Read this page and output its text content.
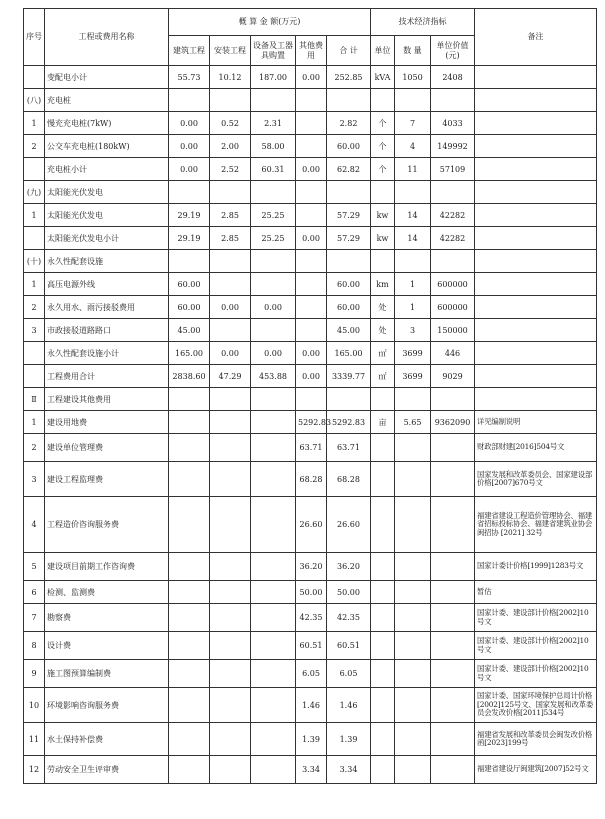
序号	工程或费用名称	概 算 金 额(万元)					技术经济指标			备注
		建筑工程	安装工程	设备及工器具购置	其他费用	合 计	单位	数 量	单位价值(元)	
	变配电小计	55.73	10.12	187.00	0.00	252.85	kVA	1050	2408	
(八)	充电桩									
1	慢充充电桩(7kW)	0.00	0.52	2.31		2.82	个	7	4033	
2	公交车充电桩(180kW)	0.00	2.00	58.00		60.00	个	4	149992	
	充电桩小计	0.00	2.52	60.31	0.00	62.82	个	11	57109	
(九)	太阳能光伏发电									
1	太阳能光伏发电	29.19	2.85	25.25		57.29	kw	14	42282	
	太阳能光伏发电小计	29.19	2.85	25.25	0.00	57.29	kw	14	42282	
(十)	永久性配套设施									
1	高压电源外线	60.00				60.00	km	1	600000	
2	永久用水、雨污接驳费用	60.00	0.00	0.00		60.00	处	1	600000	
3	市政接驳道路路口	45.00				45.00	处	3	150000	
	永久性配套设施小计	165.00	0.00	0.00	0.00	165.00	㎡	3699	446	
	工程费用合计	2838.60	47.29	453.88	0.00	3339.77	㎡	3699	9029	
Ⅱ	工程建设其他费用									
1	建设用地费				5292.83	5292.83	亩	5.65	9362090	详见编制说明
2	建设单位管理费				63.71	63.71				财政部财建[2016]504号文
3	建设工程监理费				68.28	68.28				国家发展和改革委员会、国家建设部价格[2007]670号文
4	工程造价咨询服务费				26.60	26.60				福建省建设工程造价管理协会、福建省招标投标协会、福建省建筑业协会 闽招协 [2021] 32号
5	建设项目前期工作咨询费				36.20	36.20				国家计委计价格[1999]1283号文
6	检测、监测费				50.00	50.00				暂估
7	勘察费				42.35	42.35				国家计委、建设部计价格[2002]10号文
8	设计费				60.51	60.51				国家计委、建设部计价格[2002]10号文
9	施工图预算编制费				6.05	6.05				国家计委、建设部计价格[2002]10号文
10	环境影响咨询服务费				1.46	1.46				国家计委、国家环境保护总局计价格[2002]125号文、国家发展和改革委员会发改价格[2011]534号
11	水土保持补偿费				1.39	1.39				福建省发展和改革委员会闽发改价格函[2023]199号
12	劳动安全卫生评审费				3.34	3.34				福建省建设厅闽建筑[2007]52号文
